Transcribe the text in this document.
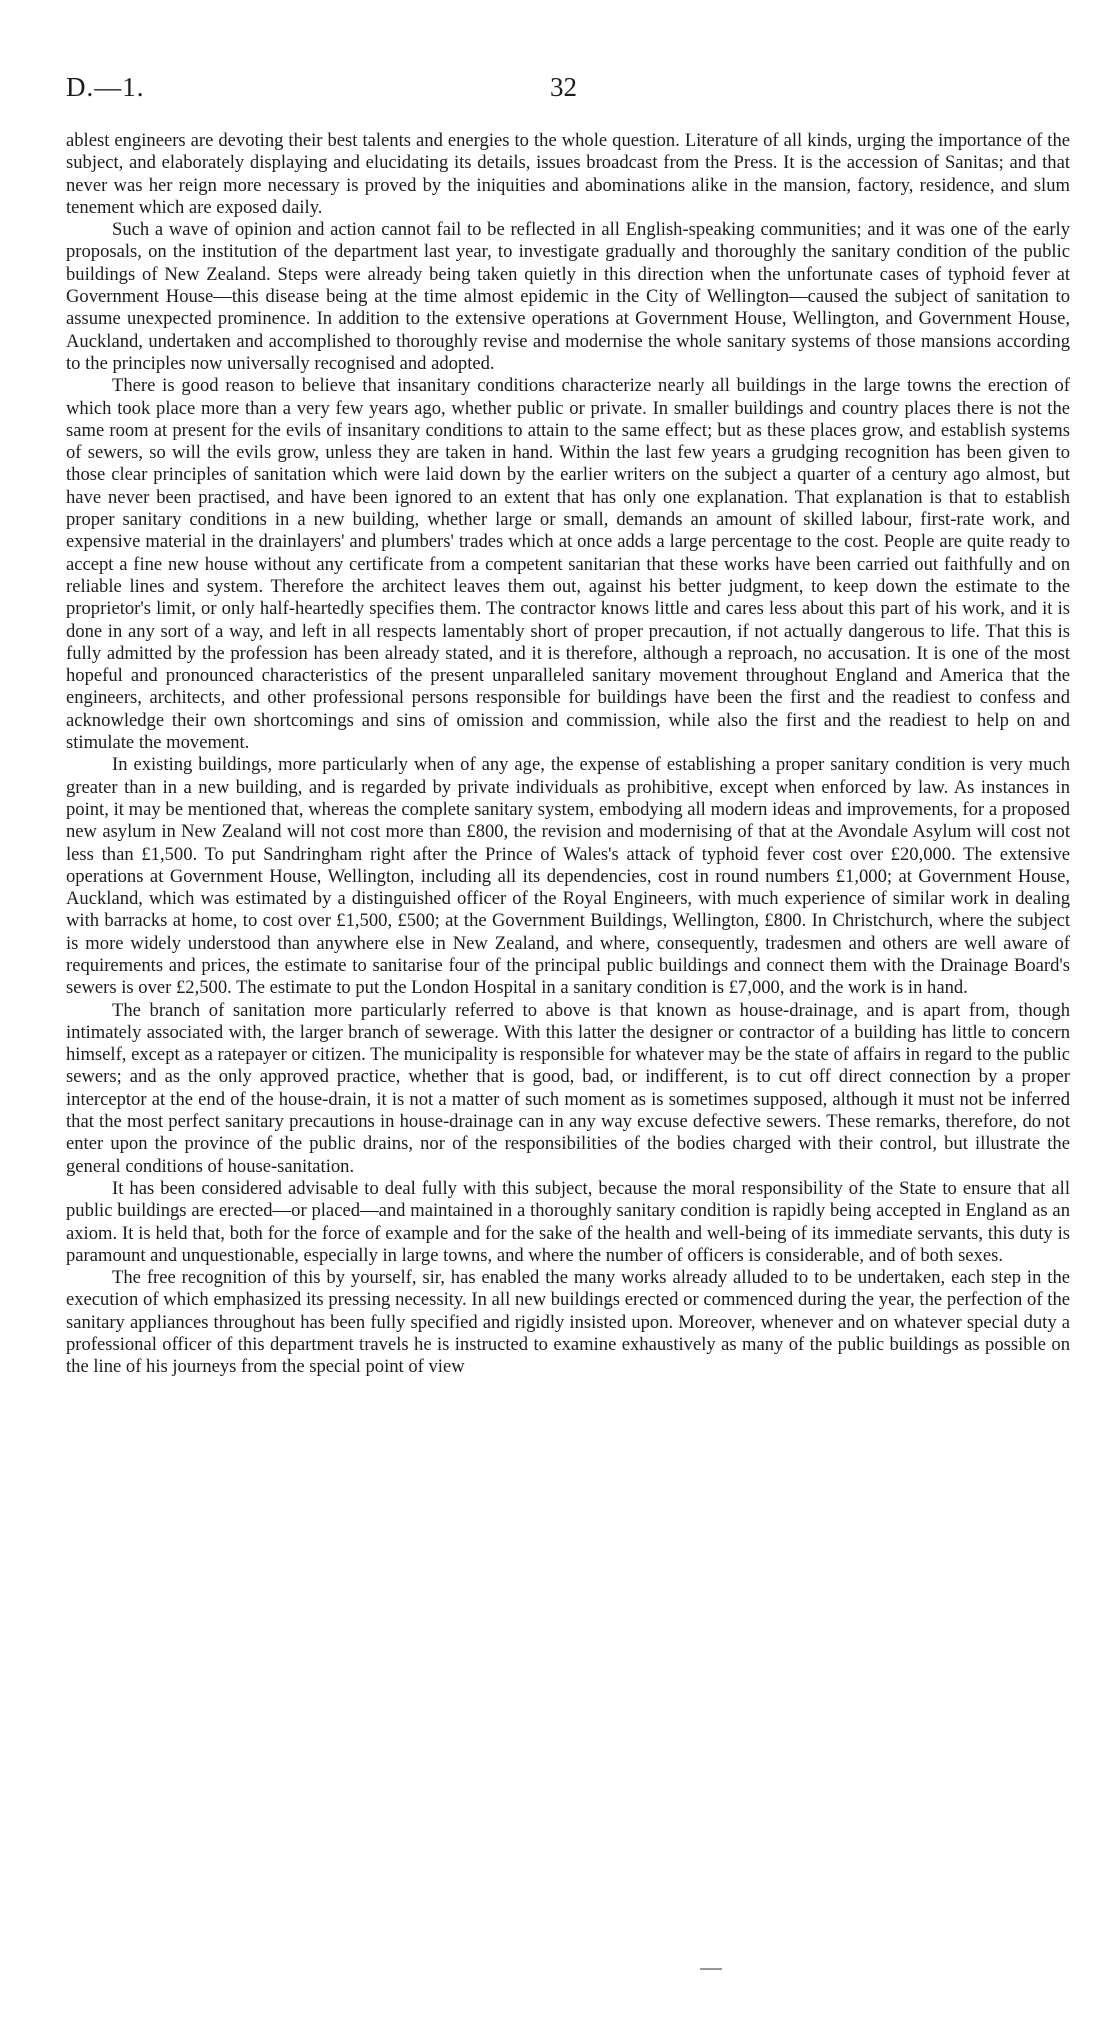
D.—1.	32

ablest engineers are devoting their best talents and energies to the whole question. Literature of all kinds, urging the importance of the subject, and elaborately displaying and elucidating its details, issues broadcast from the Press. It is the accession of Sanitas; and that never was her reign more necessary is proved by the iniquities and abominations alike in the mansion, factory, residence, and slum tenement which are exposed daily.

Such a wave of opinion and action cannot fail to be reflected in all English-speaking communities; and it was one of the early proposals, on the institution of the department last year, to investigate gradually and thoroughly the sanitary condition of the public buildings of New Zealand. Steps were already being taken quietly in this direction when the unfortunate cases of typhoid fever at Government House—this disease being at the time almost epidemic in the City of Wellington—caused the subject of sanitation to assume unexpected prominence. In addition to the extensive operations at Government House, Wellington, and Government House, Auckland, undertaken and accomplished to thoroughly revise and modernise the whole sanitary systems of those mansions according to the principles now universally recognised and adopted.

There is good reason to believe that insanitary conditions characterize nearly all buildings in the large towns the erection of which took place more than a very few years ago, whether public or private. In smaller buildings and country places there is not the same room at present for the evils of insanitary conditions to attain to the same effect; but as these places grow, and establish systems of sewers, so will the evils grow, unless they are taken in hand. Within the last few years a grudging recognition has been given to those clear principles of sanitation which were laid down by the earlier writers on the subject a quarter of a century ago almost, but have never been practised, and have been ignored to an extent that has only one explanation. That explanation is that to establish proper sanitary conditions in a new building, whether large or small, demands an amount of skilled labour, first-rate work, and expensive material in the drainlayers' and plumbers' trades which at once adds a large percentage to the cost. People are quite ready to accept a fine new house without any certificate from a competent sanitarian that these works have been carried out faithfully and on reliable lines and system. Therefore the architect leaves them out, against his better judgment, to keep down the estimate to the proprietor's limit, or only half-heartedly specifies them. The contractor knows little and cares less about this part of his work, and it is done in any sort of a way, and left in all respects lamentably short of proper precaution, if not actually dangerous to life. That this is fully admitted by the profession has been already stated, and it is therefore, although a reproach, no accusation. It is one of the most hopeful and pronounced characteristics of the present unparalleled sanitary movement throughout England and America that the engineers, architects, and other professional persons responsible for buildings have been the first and the readiest to confess and acknowledge their own shortcomings and sins of omission and commission, while also the first and the readiest to help on and stimulate the movement.

In existing buildings, more particularly when of any age, the expense of establishing a proper sanitary condition is very much greater than in a new building, and is regarded by private individuals as prohibitive, except when enforced by law. As instances in point, it may be mentioned that, whereas the complete sanitary system, embodying all modern ideas and improvements, for a proposed new asylum in New Zealand will not cost more than £800, the revision and modernising of that at the Avondale Asylum will cost not less than £1,500. To put Sandringham right after the Prince of Wales's attack of typhoid fever cost over £20,000. The extensive operations at Government House, Wellington, including all its dependencies, cost in round numbers £1,000; at Government House, Auckland, which was estimated by a distinguished officer of the Royal Engineers, with much experience of similar work in dealing with barracks at home, to cost over £1,500, £500; at the Government Buildings, Wellington, £800. In Christchurch, where the subject is more widely understood than anywhere else in New Zealand, and where, consequently, tradesmen and others are well aware of requirements and prices, the estimate to sanitarise four of the principal public buildings and connect them with the Drainage Board's sewers is over £2,500. The estimate to put the London Hospital in a sanitary condition is £7,000, and the work is in hand.

The branch of sanitation more particularly referred to above is that known as house-drainage, and is apart from, though intimately associated with, the larger branch of sewerage. With this latter the designer or contractor of a building has little to concern himself, except as a ratepayer or citizen. The municipality is responsible for whatever may be the state of affairs in regard to the public sewers; and as the only approved practice, whether that is good, bad, or indifferent, is to cut off direct connection by a proper interceptor at the end of the house-drain, it is not a matter of such moment as is sometimes supposed, although it must not be inferred that the most perfect sanitary precautions in house-drainage can in any way excuse defective sewers. These remarks, therefore, do not enter upon the province of the public drains, nor of the responsibilities of the bodies charged with their control, but illustrate the general conditions of house-sanitation.

It has been considered advisable to deal fully with this subject, because the moral responsibility of the State to ensure that all public buildings are erected—or placed—and maintained in a thoroughly sanitary condition is rapidly being accepted in England as an axiom. It is held that, both for the force of example and for the sake of the health and well-being of its immediate servants, this duty is paramount and unquestionable, especially in large towns, and where the number of officers is considerable, and of both sexes.

The free recognition of this by yourself, sir, has enabled the many works already alluded to to be undertaken, each step in the execution of which emphasized its pressing necessity. In all new buildings erected or commenced during the year, the perfection of the sanitary appliances throughout has been fully specified and rigidly insisted upon. Moreover, whenever and on whatever special duty a professional officer of this department travels he is instructed to examine exhaustively as many of the public buildings as possible on the line of his journeys from the special point of view
